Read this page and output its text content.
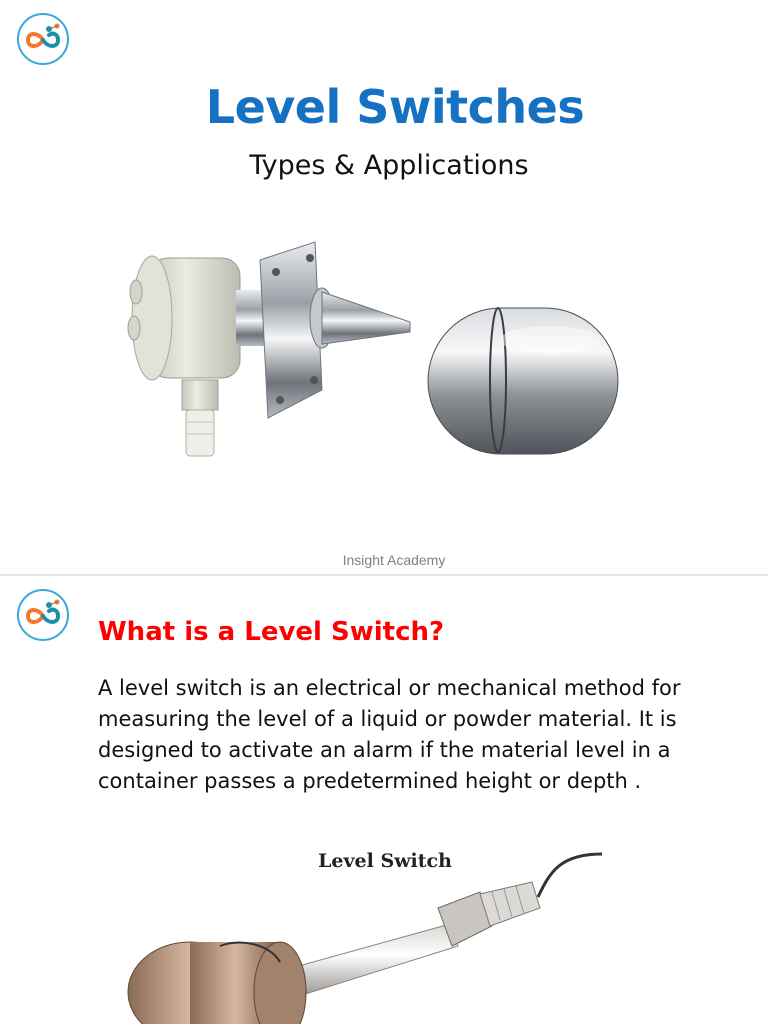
Level Switches
Types & Applications
Insight Academy
What is a Level Switch?
A level switch is an electrical or mechanical method for measuring the level of a liquid or powder material. It is designed to activate an alarm if the material level in a container passes a predetermined height or depth .
Level Switch
